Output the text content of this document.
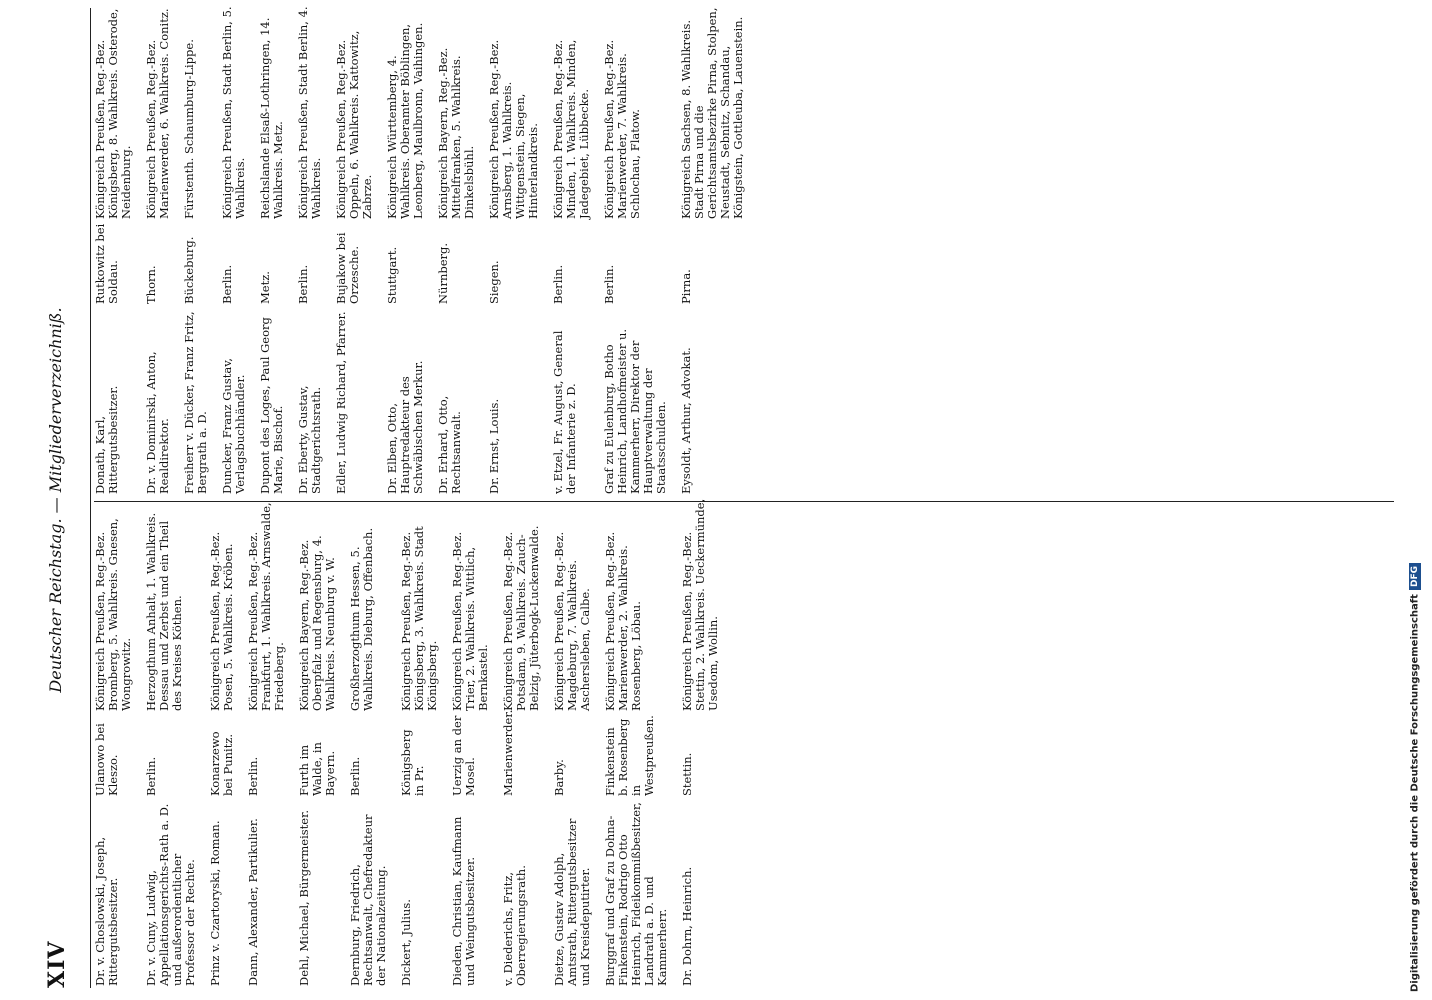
XIV
Deutscher Reichstag. — Mitgliederverzeichniß.
Dr. v. Choslowski, Joseph, Rittergutsbesitzer.
Ulanowo bei Kleszo.
Königreich Preußen, Reg.-Bez. Bromberg, 5. Wahlkreis. Gnesen, Wongrowitz.
Dr. v. Cuny, Ludwig, Appellationsgerichts-Rath a. D. und außerordentlicher Professor der Rechte.
Berlin.
Herzogthum Anhalt, 1. Wahlkreis. Dessau und Zerbst und ein Theil des Kreises Köthen.
Prinz v. Czartoryski, Roman.
Konarzewo bei Punitz.
Königreich Preußen, Reg.-Bez. Posen, 5. Wahlkreis. Kröben.
Dann, Alexander, Partikulier.
Berlin.
Königreich Preußen, Reg.-Bez. Frankfurt, 1. Wahlkreis. Arnswalde, Friedeberg.
Dehl, Michael, Bürgermeister.
Furth im Walde, in Bayern.
Königreich Bayern, Reg.-Bez. Oberpfalz und Regensburg, 4. Wahlkreis. Neunburg v. W.
Dernburg, Friedrich, Rechtsanwalt, Chefredakteur der Nationalzeitung.
Berlin.
Großherzogthum Hessen, 5. Wahlkreis. Dieburg, Offenbach.
Dickert, Julius.
Königsberg in Pr.
Königreich Preußen, Reg.-Bez. Königsberg, 3. Wahlkreis. Stadt Königsberg.
Dieden, Christian, Kaufmann und Weingutsbesitzer.
Uerzig an der Mosel.
Königreich Preußen, Reg.-Bez. Trier, 2. Wahlkreis. Wittlich, Bernkastel.
v. Diederichs, Fritz, Oberregierungsrath.
Marienwerder.
Königreich Preußen, Reg.-Bez. Potsdam, 9. Wahlkreis. Zauch-Belzig, Jüterbogk-Luckenwalde.
Dietze, Gustav Adolph, Amtsrath, Rittergutsbesitzer und Kreisdeputirter.
Barby.
Königreich Preußen, Reg.-Bez. Magdeburg, 7. Wahlkreis. Aschersleben, Calbe.
Burggraf und Graf zu Dohna-Finkenstein, Rodrigo Otto Heinrich, Fideikommißbesitzer, Landrath a. D. und Kammerherr.
Finkenstein b. Rosenberg in Westpreußen.
Königreich Preußen, Reg.-Bez. Marienwerder, 2. Wahlkreis. Rosenberg, Löbau.
Dr. Dohrn, Heinrich.
Stettin.
Königreich Preußen, Reg.-Bez. Stettin, 2. Wahlkreis. Ueckermünde, Usedom, Wollin.
Donath, Karl, Rittergutsbesitzer.
Rutkowitz bei Soldau.
Königreich Preußen, Reg.-Bez. Königsberg, 8. Wahlkreis. Osterode, Neidenburg.
Dr. v. Dominirski, Anton, Realdirektor.
Thorn.
Königreich Preußen, Reg.-Bez. Marienwerder, 6. Wahlkreis. Conitz.
Freiherr v. Dücker, Franz Fritz, Bergrath a. D.
Bückeburg.
Fürstenth. Schaumburg-Lippe.
Duncker, Franz Gustav, Verlagsbuchhändler.
Berlin.
Königreich Preußen, Stadt Berlin, 5. Wahlkreis.
Dupont des Loges, Paul Georg Marie, Bischof.
Metz.
Reichslande Elsaß-Lothringen, 14. Wahlkreis. Metz.
Dr. Eberty, Gustav, Stadtgerichtsrath.
Berlin.
Königreich Preußen, Stadt Berlin, 4. Wahlkreis.
Edler, Ludwig Richard, Pfarrer.
Bujakow bei Orzesche.
Königreich Preußen, Reg.-Bez. Oppeln, 6. Wahlkreis. Kattowitz, Zabrze.
Dr. Elben, Otto, Hauptredakteur des Schwäbischen Merkur.
Stuttgart.
Königreich Württemberg, 4. Wahlkreis. Oberamter Böblingen, Leonberg, Maulbronn, Vaihingen.
Dr. Erhard, Otto, Rechtsanwalt.
Nürnberg.
Königreich Bayern, Reg.-Bez. Mittelfranken, 5. Wahlkreis. Dinkelsbühl.
Dr. Ernst, Louis.
Siegen.
Königreich Preußen, Reg.-Bez. Arnsberg, 1. Wahlkreis. Wittgenstein, Siegen, Hinterlandkreis.
v. Etzel, Fr. August, General der Infanterie z. D.
Berlin.
Königreich Preußen, Reg.-Bez. Minden, 1. Wahlkreis. Minden, Jadegebiet, Lübbecke.
Graf zu Eulenburg, Botho Heinrich, Landhofmeister u. Kammerherr, Direktor der Hauptverwaltung der Staatsschulden.
Berlin.
Königreich Preußen, Reg.-Bez. Marienwerder, 7. Wahlkreis. Schlochau, Flatow.
Eysoldt, Arthur, Advokat.
Pirna.
Königreich Sachsen, 8. Wahlkreis. Stadt Pirna und die Gerichtsamtsbezirke Pirna, Stolpen, Neustadt, Sebnitz, Schandau, Königstein, Gottleuba, Lauenstein.
Digitalisierung gefördert durch die Deutsche Forschungsgemeinschaft
DFG
